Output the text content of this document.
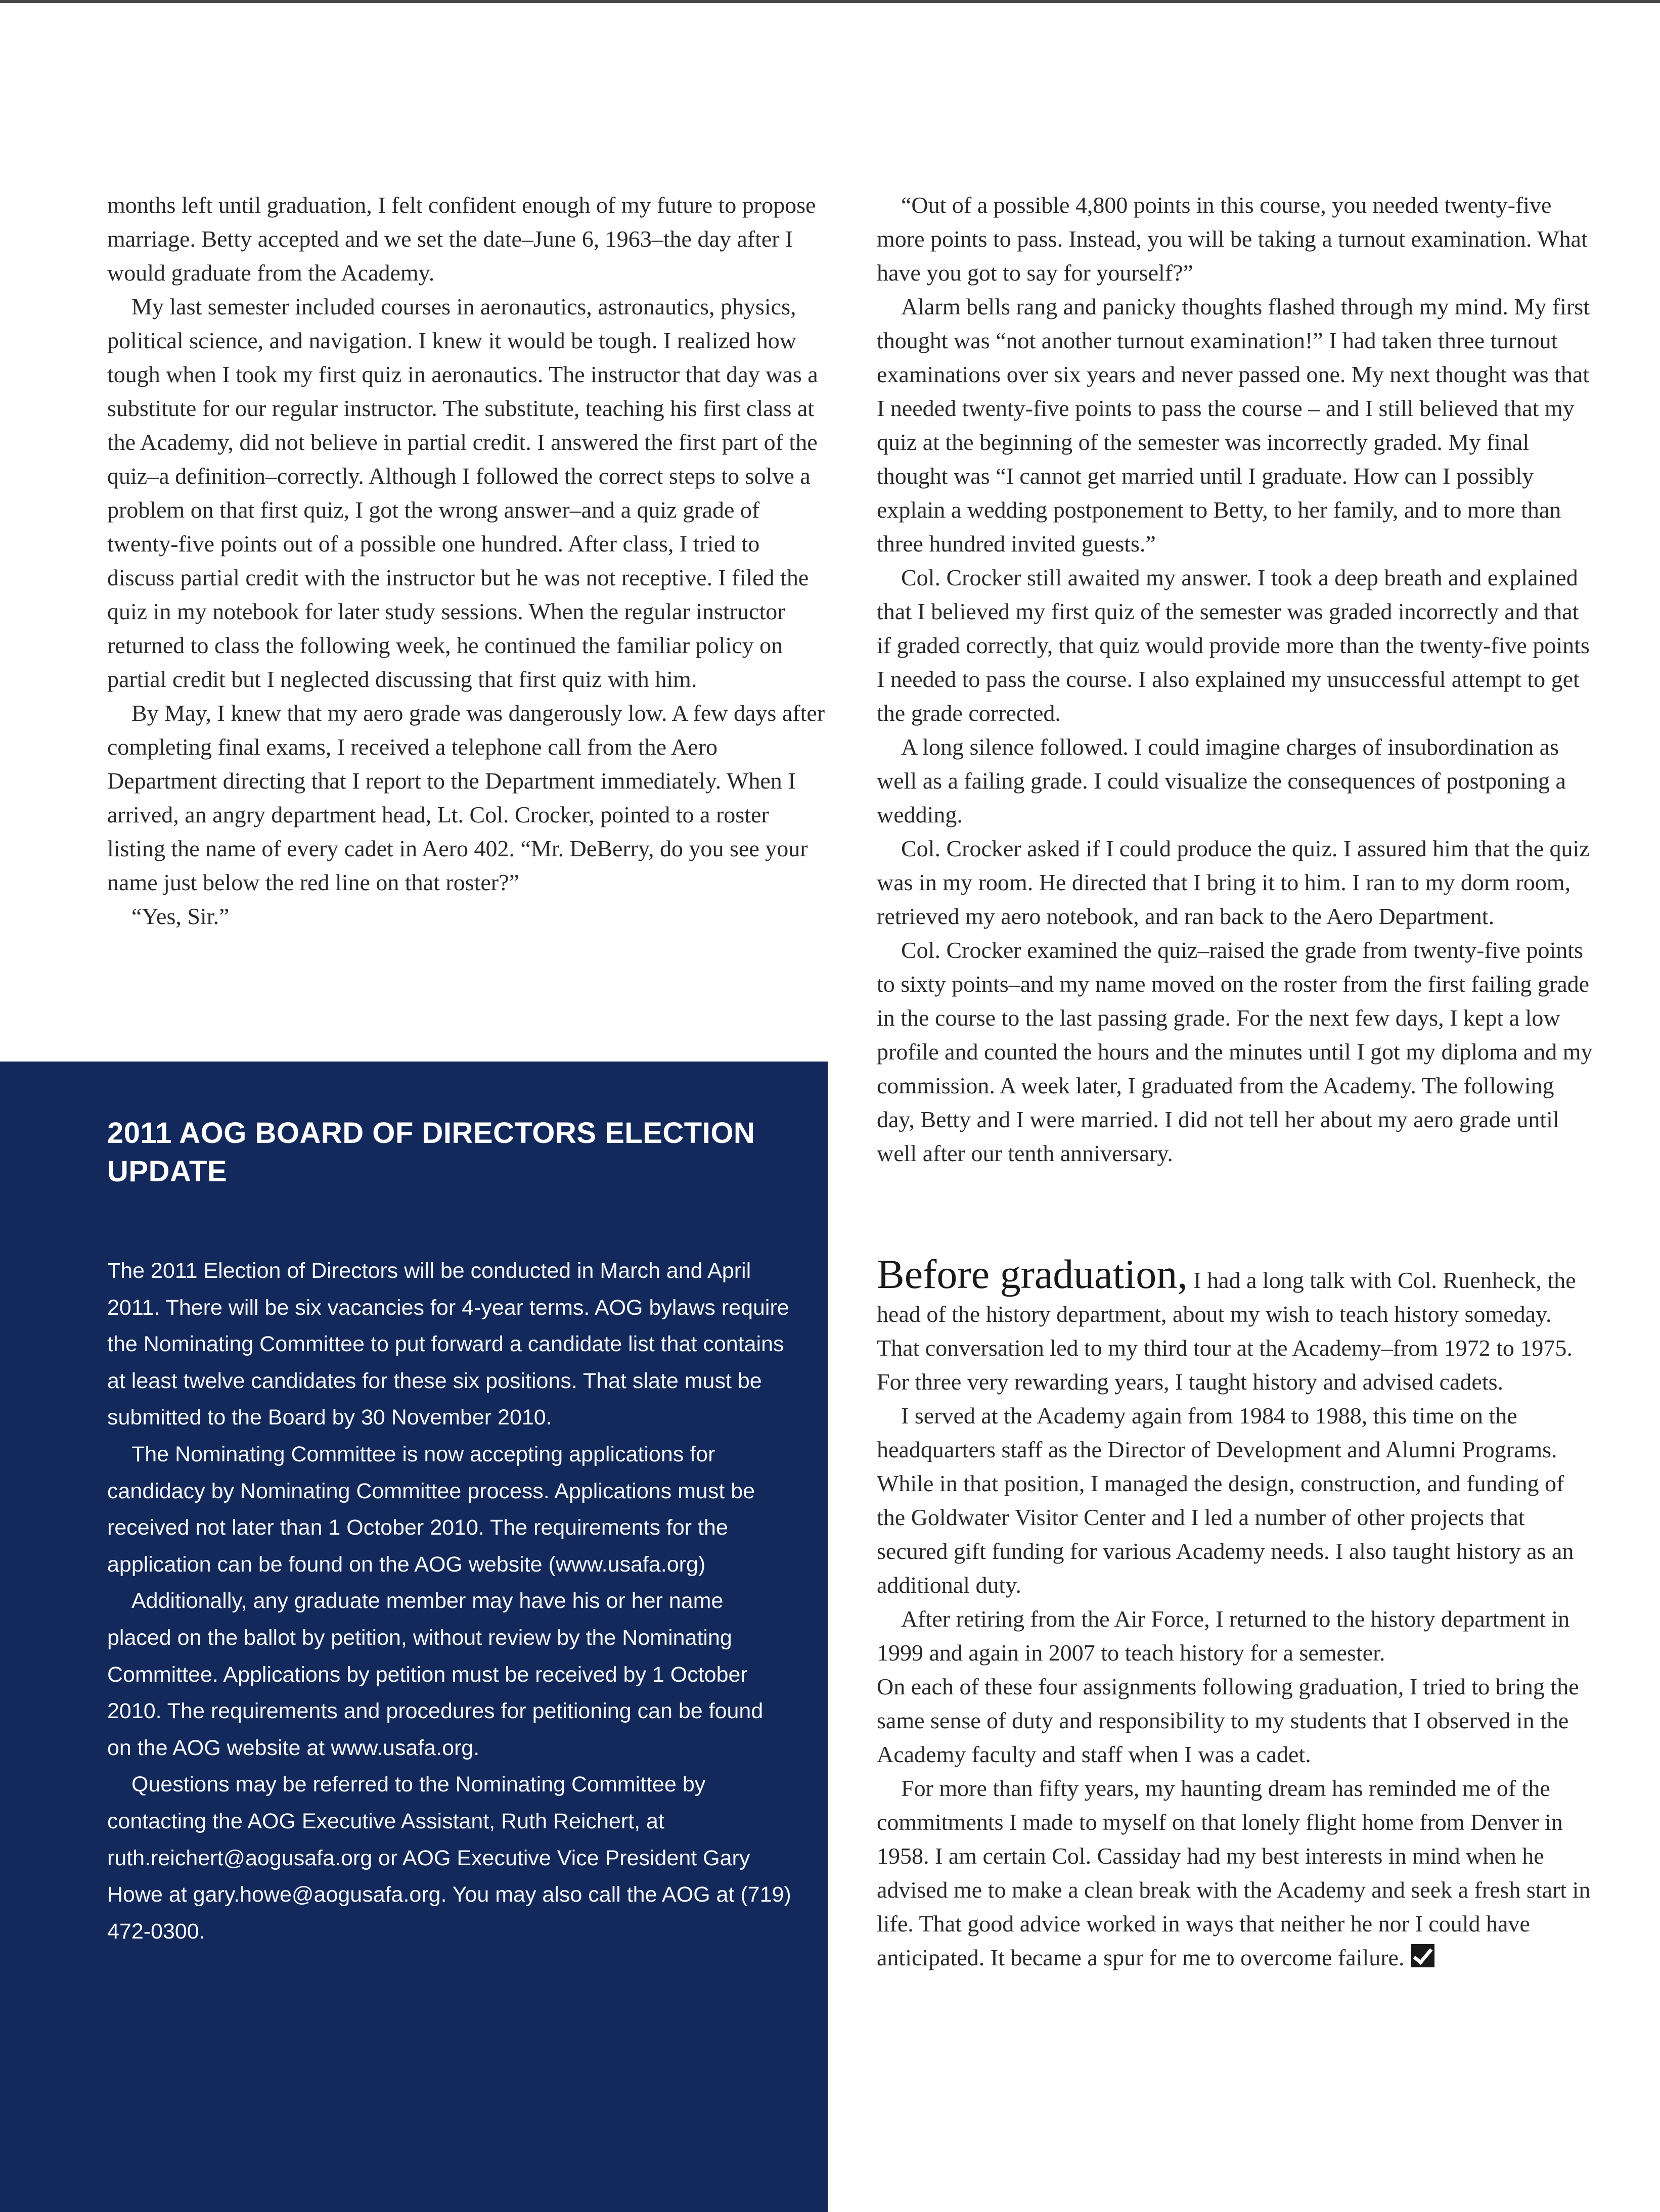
months left until graduation, I felt confident enough of my future to propose marriage. Betty accepted and we set the date–June 6, 1963–the day after I would graduate from the Academy.

My last semester included courses in aeronautics, astronautics, physics, political science, and navigation. I knew it would be tough. I realized how tough when I took my first quiz in aeronautics. The instructor that day was a substitute for our regular instructor. The substitute, teaching his first class at the Academy, did not believe in partial credit. I answered the first part of the quiz–a definition–correctly. Although I followed the correct steps to solve a problem on that first quiz, I got the wrong answer–and a quiz grade of twenty-five points out of a possible one hundred. After class, I tried to discuss partial credit with the instructor but he was not receptive. I filed the quiz in my notebook for later study sessions. When the regular instructor returned to class the following week, he continued the familiar policy on partial credit but I neglected discussing that first quiz with him.

By May, I knew that my aero grade was dangerously low. A few days after completing final exams, I received a telephone call from the Aero Department directing that I report to the Department immediately. When I arrived, an angry department head, Lt. Col. Crocker, pointed to a roster listing the name of every cadet in Aero 402. “Mr. DeBerry, do you see your name just below the red line on that roster?”

“Yes, Sir.”

“Out of a possible 4,800 points in this course, you needed twenty-five more points to pass. Instead, you will be taking a turnout examination. What have you got to say for yourself?”

Alarm bells rang and panicky thoughts flashed through my mind. My first thought was “not another turnout examination!” I had taken three turnout examinations over six years and never passed one. My next thought was that I needed twenty-five points to pass the course – and I still believed that my quiz at the beginning of the semester was incorrectly graded. My final thought was “I cannot get married until I graduate. How can I possibly explain a wedding postponement to Betty, to her family, and to more than three hundred invited guests.”

Col. Crocker still awaited my answer. I took a deep breath and explained that I believed my first quiz of the semester was graded incorrectly and that if graded correctly, that quiz would provide more than the twenty-five points I needed to pass the course. I also explained my unsuccessful attempt to get the grade corrected.

A long silence followed. I could imagine charges of insubordination as well as a failing grade. I could visualize the consequences of postponing a wedding.

Col. Crocker asked if I could produce the quiz. I assured him that the quiz was in my room. He directed that I bring it to him. I ran to my dorm room, retrieved my aero notebook, and ran back to the Aero Department.

Col. Crocker examined the quiz–raised the grade from twenty-five points to sixty points–and my name moved on the roster from the first failing grade in the course to the last passing grade. For the next few days, I kept a low profile and counted the hours and the minutes until I got my diploma and my commission. A week later, I graduated from the Academy. The following day, Betty and I were married. I did not tell her about my aero grade until well after our tenth anniversary.

Before graduation, I had a long talk with Col. Ruenheck, the head of the history department, about my wish to teach history someday. That conversation led to my third tour at the Academy–from 1972 to 1975. For three very rewarding years, I taught history and advised cadets.

I served at the Academy again from 1984 to 1988, this time on the headquarters staff as the Director of Development and Alumni Programs. While in that position, I managed the design, construction, and funding of the Goldwater Visitor Center and I led a number of other projects that secured gift funding for various Academy needs. I also taught history as an additional duty.

After retiring from the Air Force, I returned to the history department in 1999 and again in 2007 to teach history for a semester.

On each of these four assignments following graduation, I tried to bring the same sense of duty and responsibility to my students that I observed in the Academy faculty and staff when I was a cadet.

For more than fifty years, my haunting dream has reminded me of the commitments I made to myself on that lonely flight home from Denver in 1958. I am certain Col. Cassiday had my best interests in mind when he advised me to make a clean break with the Academy and seek a fresh start in life. That good advice worked in ways that neither he nor I could have anticipated. It became a spur for me to overcome failure.

2011 AOG BOARD OF DIRECTORS ELECTION UPDATE

The 2011 Election of Directors will be conducted in March and April 2011. There will be six vacancies for 4-year terms. AOG bylaws require the Nominating Committee to put forward a candidate list that contains at least twelve candidates for these six positions. That slate must be submitted to the Board by 30 November 2010.

The Nominating Committee is now accepting applications for candidacy by Nominating Committee process. Applications must be received not later than 1 October 2010. The requirements for the application can be found on the AOG website (www.usafa.org)

Additionally, any graduate member may have his or her name placed on the ballot by petition, without review by the Nominating Committee. Applications by petition must be received by 1 October 2010. The requirements and procedures for petitioning can be found on the AOG website at www.usafa.org.

Questions may be referred to the Nominating Committee by contacting the AOG Executive Assistant, Ruth Reichert, at ruth.reichert@aogusafa.org or AOG Executive Vice President Gary Howe at gary.howe@aogusafa.org. You may also call the AOG at (719) 472-0300.
